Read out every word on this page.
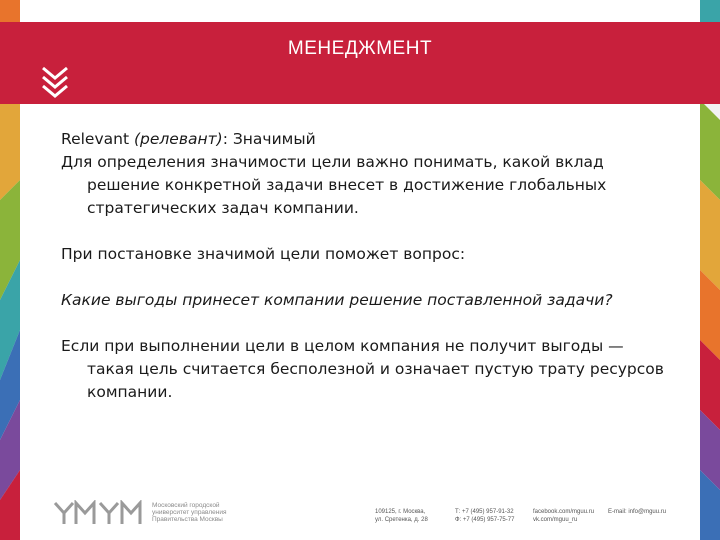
МЕНЕДЖМЕНТ

Relevant (релевант): Значимый

Для определения значимости цели важно понимать, какой вклад решение конкретной задачи внесет в достижение глобальных стратегических задач компании.

При постановке значимой цели поможет вопрос:

Какие выгоды принесет компании решение поставленной задачи?

Если при выполнении цели в целом компания не получит выгоды — такая цель считается бесполезной и означает пустую трату ресурсов компании.

Московский городской университет управления Правительства Москвы
109125, г. Москва,
ул. Сретенка, д. 28
Т: +7 (495) 957-91-32
Ф: +7 (495) 957-75-77
facebook.com/mguu.ru
vk.com/mguu_ru
E-mail: info@mguu.ru
